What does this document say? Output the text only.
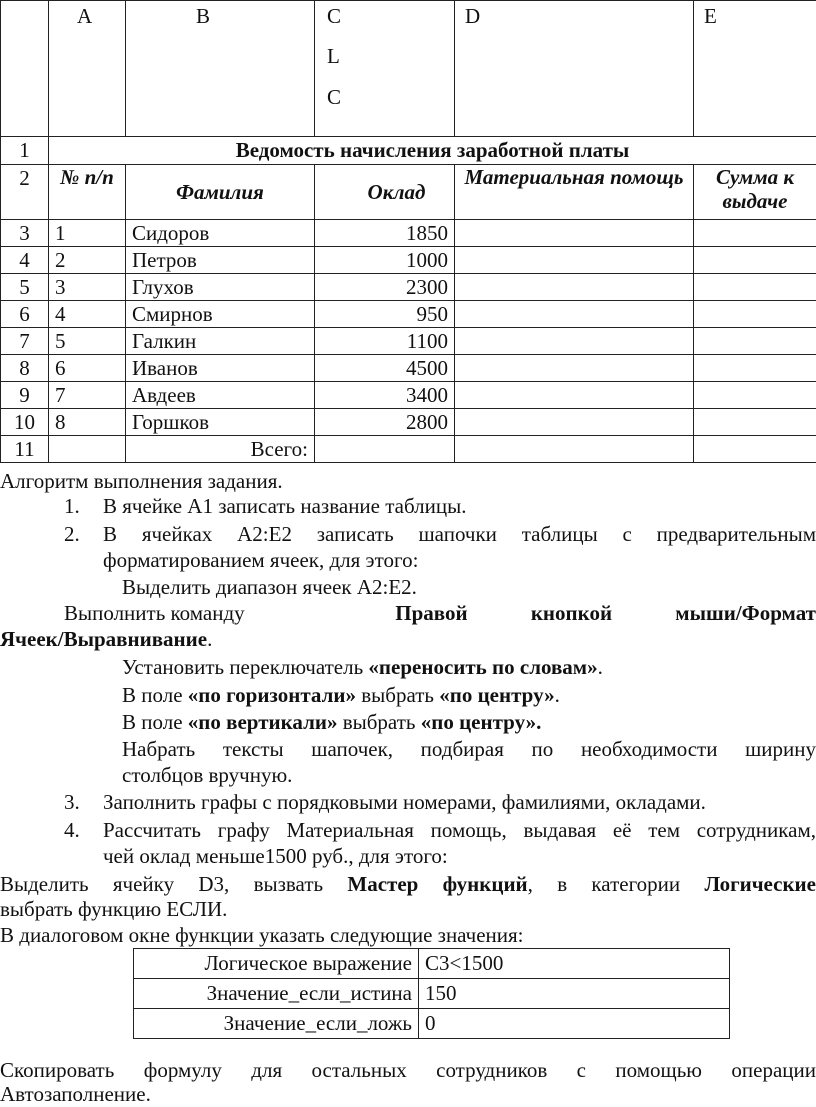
	A	B	C
L
C	D	E
1	Ведомость начисления заработной платы				
2	№ п/п	Фамилия	Оклад	Материальная помощь	Сумма к выдаче
3	1	Сидоров	1850		
4	2	Петров	1000		
5	3	Глухов	2300		
6	4	Смирнов	950		
7	5	Галкин	1100		
8	6	Иванов	4500		
9	7	Авдеев	3400		
10	8	Горшков	2800		
11		Всего:			
Алгоритм выполнения задания.
1.	В ячейке А1 записать название таблицы.
2.	В ячейках А2:Е2 записать шапочки таблицы с предварительным
форматированием ячеек, для этого:
Выделить диапазон ячеек А2:Е2.
Выполнить команду	Правой кнопкой мыши/Формат
Ячеек/Выравнивание.
Установить переключатель «переносить по словам».
В поле «по горизонтали» выбрать «по центру».
В поле «по вертикали» выбрать «по центру».
Набрать тексты шапочек, подбирая по необходимости ширину
столбцов вручную.
3.	Заполнить графы с порядковыми номерами, фамилиями, окладами.
4.	Рассчитать графу Материальная помощь, выдавая её тем сотрудникам,
чей оклад меньше1500 руб., для этого:
Выделить ячейку D3, вызвать Мастер функций, в категории Логические
выбрать функцию ЕСЛИ.
В диалоговом окне функции указать следующие значения:
Логическое выражение	С3<1500
Значение_если_истина	150
Значение_если_ложь	0
Скопировать формулу для остальных сотрудников с помощью операции
Автозаполнение.
